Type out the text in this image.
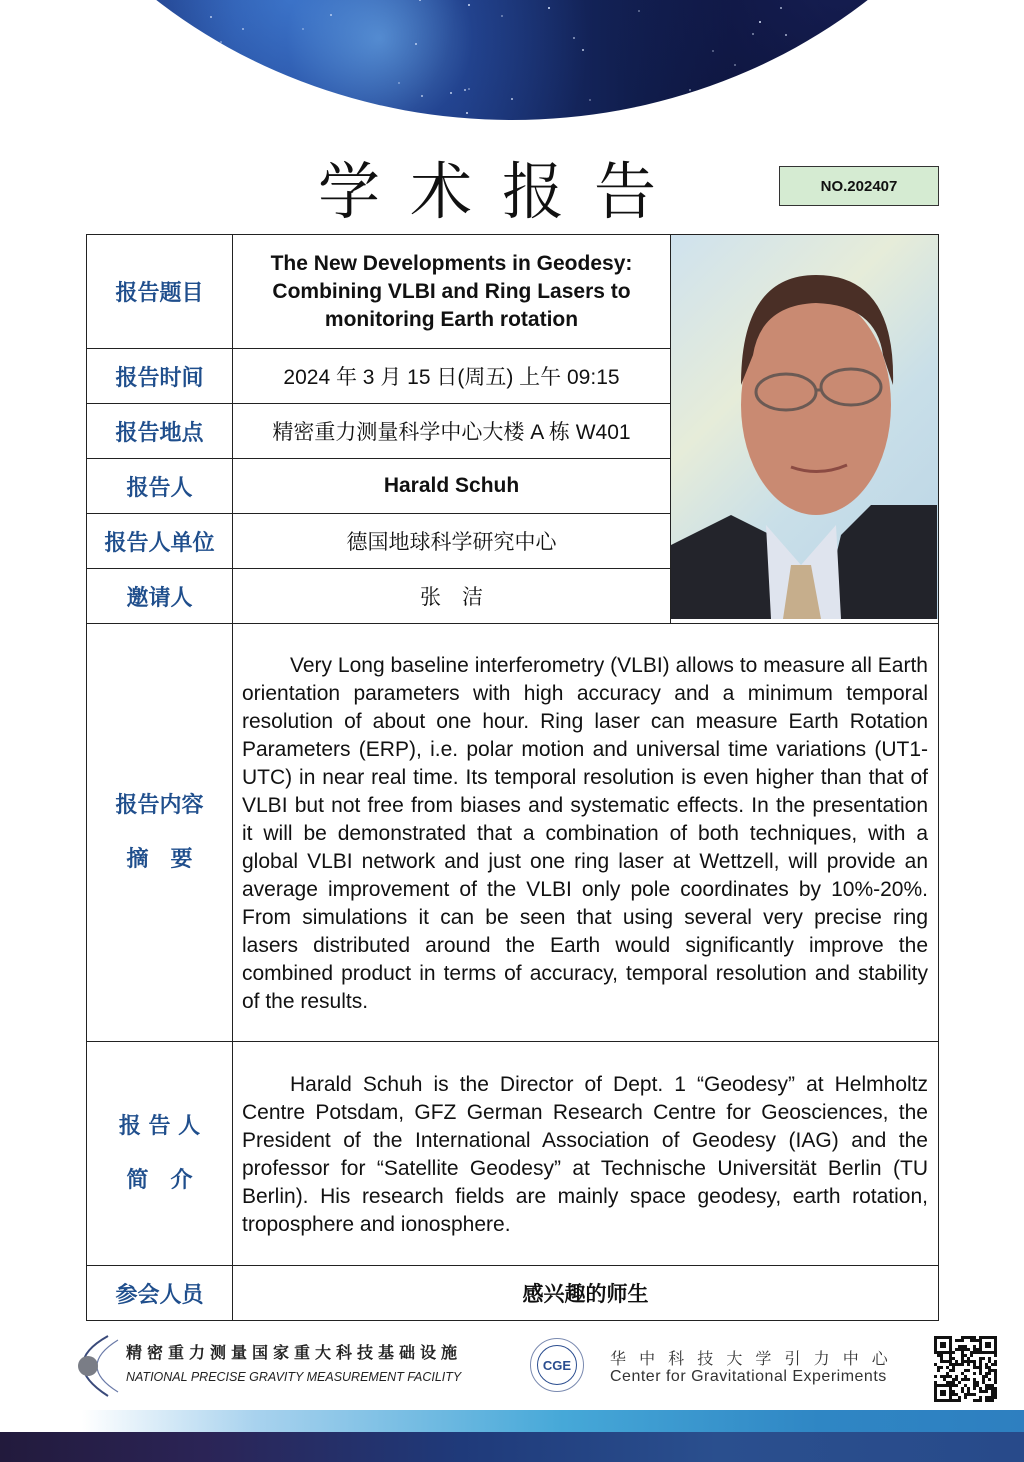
学术报告	NO.202407
报告题目	The New Developments in Geodesy: Combining VLBI and Ring Lasers to monitoring Earth rotation	

报告时间	2024 年 3 月 15 日(周五) 上午 09:15	
报告地点	精密重力测量科学中心大楼 A 栋 W401	
报告人	Harald Schuh	
报告人单位	德国地球科学研究中心	
邀请人	张　洁	

报告内容
摘　要	Very Long baseline interferometry (VLBI) allows to measure all Earth orientation parameters with high accuracy and a minimum temporal resolution of about one hour. Ring laser can measure Earth Rotation Parameters (ERP), i.e. polar motion and universal time variations (UT1-UTC) in near real time. Its temporal resolution is even higher than that of VLBI but not free from biases and systematic effects. In the presentation it will be demonstrated that a combination of both techniques, with a global VLBI network and just one ring laser at Wettzell, will provide an average improvement of the VLBI only pole coordinates by 10%-20%. From simulations it can be seen that using several very precise ring lasers distributed around the Earth would significantly improve the combined product in terms of accuracy, temporal resolution and stability of the results.	

报 告 人
简　介	Harald Schuh is the Director of Dept. 1 “Geodesy” at Helmholtz Centre Potsdam, GFZ German Research Centre for Geosciences, the President of the International Association of Geodesy (IAG) and the professor for “Satellite Geodesy” at Technische Universität Berlin (TU Berlin). His research fields are mainly space geodesy, earth rotation, troposphere and ionosphere.	

参会人员	感兴趣的师生	
精密重力测量国家重大科技基础设施
NATIONAL PRECISE GRAVITY MEASUREMENT FACILITY
CGE	华 中 科 技 大 学 引 力 中 心
Center for Gravitational Experiments
